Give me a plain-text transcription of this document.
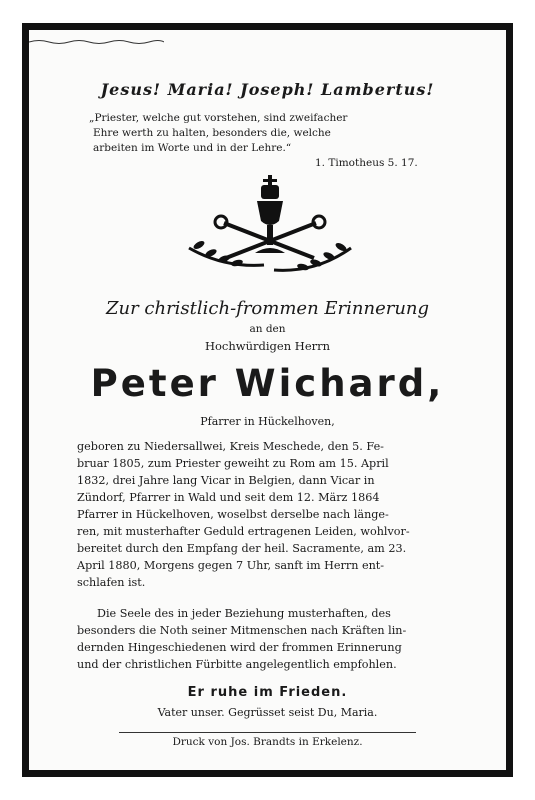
Jesus! Maria! Joseph! Lambertus!
„Priester, welche gut vorstehen, sind zweifacher
Ehre werth zu halten, besonders die, welche
arbeiten im Worte und in der Lehre.“
1. Timotheus 5. 17.
Zur christlich-frommen Erinnerung
an den
Hochwürdigen Herrn
Peter Wichard,
Pfarrer in Hückelhoven,
geboren zu Niedersallwei, Kreis Meschede, den 5. Fe-
bruar 1805, zum Priester geweiht zu Rom am 15. April
1832, drei Jahre lang Vicar in Belgien, dann Vicar in
Zündorf, Pfarrer in Wald und seit dem 12. März 1864
Pfarrer in Hückelhoven, woselbst derselbe nach länge-
ren, mit musterhafter Geduld ertragenen Leiden, wohlvor-
bereitet durch den Empfang der heil. Sacramente, am 23.
April 1880, Morgens gegen 7 Uhr, sanft im Herrn ent-
schlafen ist.
Die Seele des in jeder Beziehung musterhaften, des
besonders die Noth seiner Mitmenschen nach Kräften lin-
dernden Hingeschiedenen wird der frommen Erinnerung
und der christlichen Fürbitte angelegentlich empfohlen.
Er ruhe im Frieden.
Vater unser. Gegrüsset seist Du, Maria.
Druck von Jos. Brandts in Erkelenz.
